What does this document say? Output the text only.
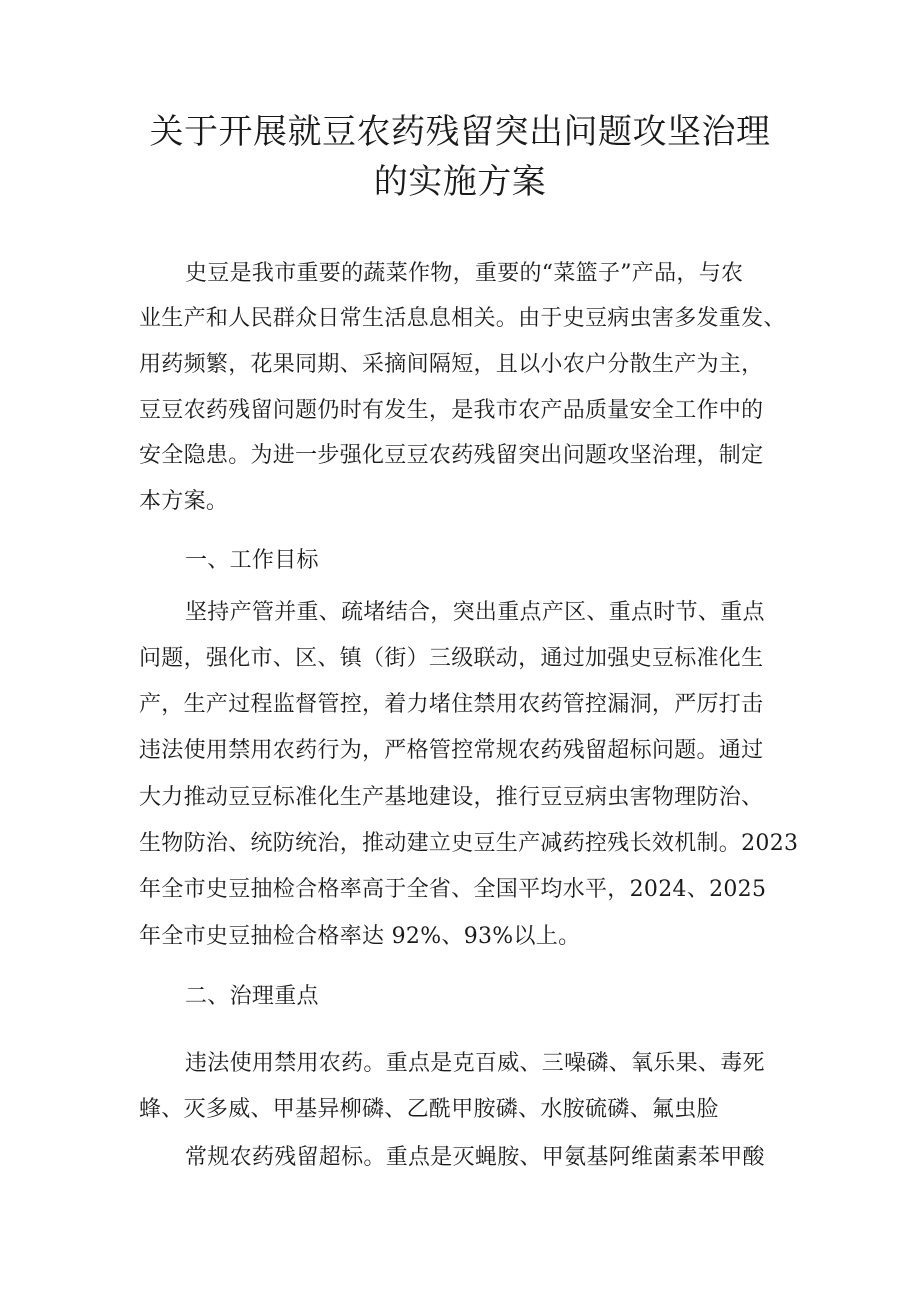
关于开展就豆农药残留突出问题攻坚治理
的实施方案
史豆是我市重要的蔬菜作物，重要的“菜篮子”产品，与农
业生产和人民群众日常生活息息相关。由于史豆病虫害多发重发、
用药频繁，花果同期、采摘间隔短，且以小农户分散生产为主，
豆豆农药残留问题仍时有发生，是我市农产品质量安全工作中的
安全隐患。为进一步强化豆豆农药残留突出问题攻坚治理，制定
本方案。
一、工作目标
坚持产管并重、疏堵结合，突出重点产区、重点时节、重点
问题，强化市、区、镇（街）三级联动，通过加强史豆标准化生
产，生产过程监督管控，着力堵住禁用农药管控漏洞，严厉打击
违法使用禁用农药行为，严格管控常规农药残留超标问题。通过
大力推动豆豆标准化生产基地建设，推行豆豆病虫害物理防治、
生物防治、统防统治，推动建立史豆生产减药控残长效机制。2023
年全市史豆抽检合格率高于全省、全国平均水平，2024、2025
年全市史豆抽检合格率达 92%、93%以上。
二、治理重点
违法使用禁用农药。重点是克百威、三噪磷、氧乐果、毒死
蜂、灭多威、甲基异柳磷、乙酰甲胺磷、水胺硫磷、氟虫脸
常规农药残留超标。重点是灭蝇胺、甲氨基阿维菌素苯甲酸
